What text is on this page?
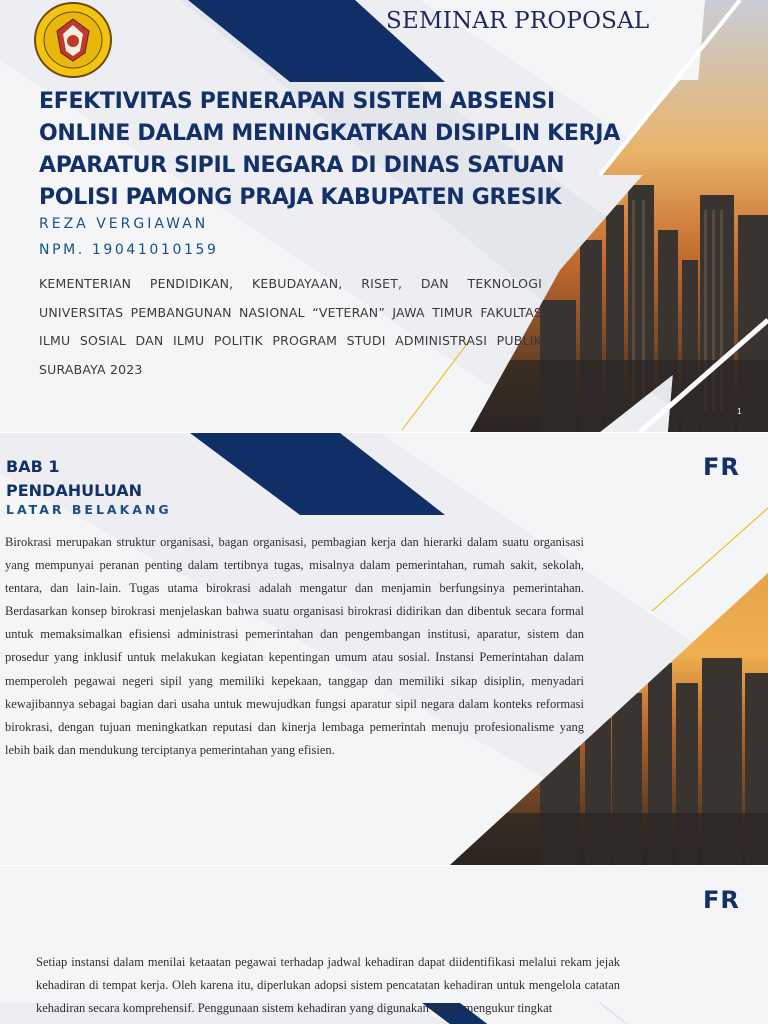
SEMINAR PROPOSAL
EFEKTIVITAS PENERAPAN SISTEM ABSENSI ONLINE DALAM MENINGKATKAN DISIPLIN KERJA APARATUR SIPIL NEGARA DI DINAS SATUAN POLISI PAMONG PRAJA KABUPATEN GRESIK
REZA VERGIAWAN
NPM. 19041010159

KEMENTERIAN PENDIDIKAN, KEBUDAYAAN, RISET, DAN TEKNOLOGI UNIVERSITAS PEMBANGUNAN NASIONAL “VETERAN” JAWA TIMUR FAKULTAS ILMU SOSIAL DAN ILMU POLITIK PROGRAM STUDI ADMINISTRASI PUBLIK SURABAYA 2023

1
BAB 1
PENDAHULUAN
LATAR BELAKANG
FR

Birokrasi merupakan struktur organisasi, bagan organisasi, pembagian kerja dan hierarki dalam suatu organisasi yang mempunyai peranan penting dalam tertibnya tugas, misalnya dalam pemerintahan, rumah sakit, sekolah, tentara, dan lain-lain. Tugas utama birokrasi adalah mengatur dan menjamin berfungsinya pemerintahan. Berdasarkan konsep birokrasi menjelaskan bahwa suatu organisasi birokrasi didirikan dan dibentuk secara formal untuk memaksimalkan efisiensi administrasi pemerintahan dan pengembangan institusi, aparatur, sistem dan prosedur yang inklusif untuk melakukan kegiatan kepentingan umum atau sosial. Instansi Pemerintahan dalam memperoleh pegawai negeri sipil yang memiliki kepekaan, tanggap dan memiliki sikap disiplin, menyadari kewajibannya sebagai bagian dari usaha untuk mewujudkan fungsi aparatur sipil negara dalam konteks reformasi birokrasi, dengan tujuan meningkatkan reputasi dan kinerja lembaga pemerintah menuju profesionalisme yang lebih baik dan mendukung terciptanya pemerintahan yang efisien.

FR

Setiap instansi dalam menilai ketaatan pegawai terhadap jadwal kehadiran dapat diidentifikasi melalui rekam jejak kehadiran di tempat kerja. Oleh karena itu, diperlukan adopsi sistem pencatatan kehadiran untuk mengelola catatan kehadiran secara komprehensif. Penggunaan sistem kehadiran yang digunakan untuk mengukur tingkat
